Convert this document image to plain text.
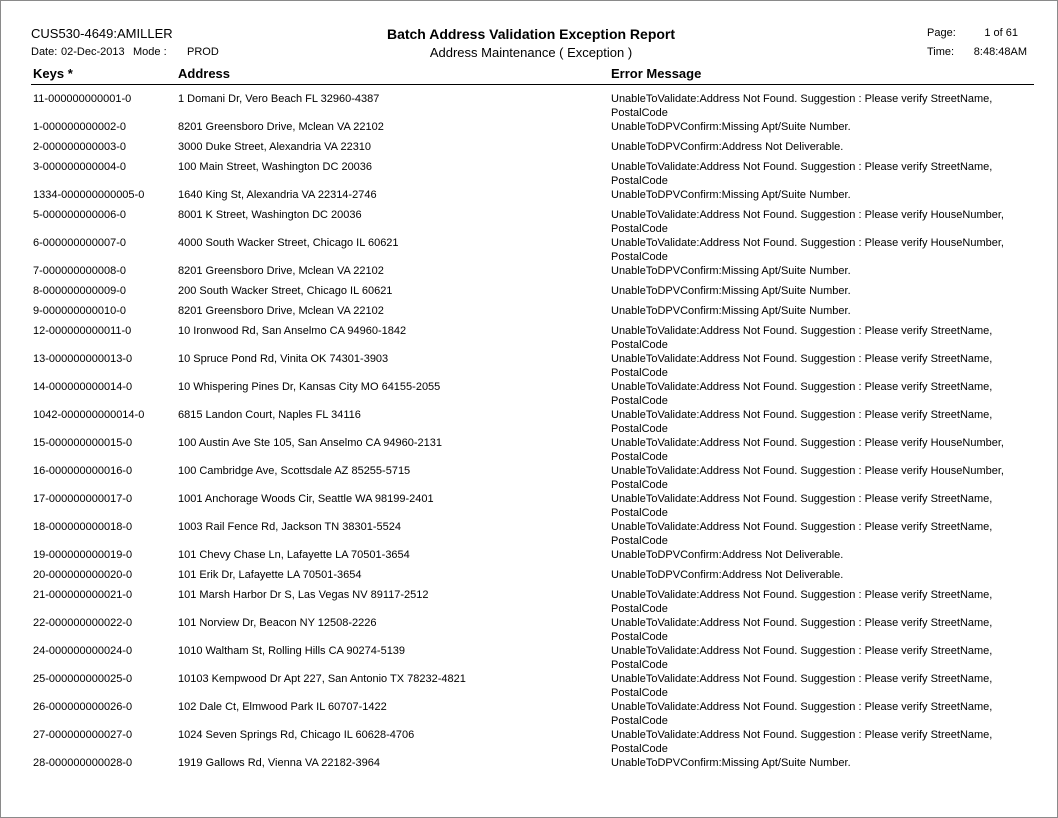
CUS530-4649:AMILLER
Date: 02-Dec-2013 Mode : PROD
Batch Address Validation Exception Report
Address Maintenance ( Exception )
Page:	1 of 61
Time:	8:48:48AM
Keys *	Address	Error Message
11-000000000001-0	1 Domani Dr, Vero Beach FL 32960-4387	UnableToValidate:Address Not Found. Suggestion : Please verify StreetName, PostalCode
1-000000000002-0	8201 Greensboro Drive, Mclean VA 22102	UnableToDPVConfirm:Missing Apt/Suite Number.
2-000000000003-0	3000 Duke Street, Alexandria VA 22310	UnableToDPVConfirm:Address Not Deliverable.
3-000000000004-0	100 Main Street, Washington DC 20036	UnableToValidate:Address Not Found. Suggestion : Please verify StreetName, PostalCode
1334-000000000005-0	1640 King St, Alexandria VA 22314-2746	UnableToDPVConfirm:Missing Apt/Suite Number.
5-000000000006-0	8001 K Street, Washington DC 20036	UnableToValidate:Address Not Found. Suggestion : Please verify HouseNumber, PostalCode
6-000000000007-0	4000 South Wacker Street, Chicago IL 60621	UnableToValidate:Address Not Found. Suggestion : Please verify HouseNumber, PostalCode
7-000000000008-0	8201 Greensboro Drive, Mclean VA 22102	UnableToDPVConfirm:Missing Apt/Suite Number.
8-000000000009-0	200 South Wacker Street, Chicago IL 60621	UnableToDPVConfirm:Missing Apt/Suite Number.
9-000000000010-0	8201 Greensboro Drive, Mclean VA 22102	UnableToDPVConfirm:Missing Apt/Suite Number.
12-000000000011-0	10 Ironwood Rd, San Anselmo CA 94960-1842	UnableToValidate:Address Not Found. Suggestion : Please verify StreetName, PostalCode
13-000000000013-0	10 Spruce Pond Rd, Vinita OK 74301-3903	UnableToValidate:Address Not Found. Suggestion : Please verify StreetName, PostalCode
14-000000000014-0	10 Whispering Pines Dr, Kansas City MO 64155-2055	UnableToValidate:Address Not Found. Suggestion : Please verify StreetName, PostalCode
1042-000000000014-0	6815 Landon Court, Naples FL 34116	UnableToValidate:Address Not Found. Suggestion : Please verify StreetName, PostalCode
15-000000000015-0	100 Austin Ave Ste 105, San Anselmo CA 94960-2131	UnableToValidate:Address Not Found. Suggestion : Please verify HouseNumber, PostalCode
16-000000000016-0	100 Cambridge Ave, Scottsdale AZ 85255-5715	UnableToValidate:Address Not Found. Suggestion : Please verify HouseNumber, PostalCode
17-000000000017-0	1001 Anchorage Woods Cir, Seattle WA 98199-2401	UnableToValidate:Address Not Found. Suggestion : Please verify StreetName, PostalCode
18-000000000018-0	1003 Rail Fence Rd, Jackson TN 38301-5524	UnableToValidate:Address Not Found. Suggestion : Please verify StreetName, PostalCode
19-000000000019-0	101 Chevy Chase Ln, Lafayette LA 70501-3654	UnableToDPVConfirm:Address Not Deliverable.
20-000000000020-0	101 Erik Dr, Lafayette LA 70501-3654	UnableToDPVConfirm:Address Not Deliverable.
21-000000000021-0	101 Marsh Harbor Dr S, Las Vegas NV 89117-2512	UnableToValidate:Address Not Found. Suggestion : Please verify StreetName, PostalCode
22-000000000022-0	101 Norview Dr, Beacon NY 12508-2226	UnableToValidate:Address Not Found. Suggestion : Please verify StreetName, PostalCode
24-000000000024-0	1010 Waltham St, Rolling Hills CA 90274-5139	UnableToValidate:Address Not Found. Suggestion : Please verify StreetName, PostalCode
25-000000000025-0	10103 Kempwood Dr Apt 227, San Antonio TX 78232-4821	UnableToValidate:Address Not Found. Suggestion : Please verify StreetName, PostalCode
26-000000000026-0	102 Dale Ct, Elmwood Park IL 60707-1422	UnableToValidate:Address Not Found. Suggestion : Please verify StreetName, PostalCode
27-000000000027-0	1024 Seven Springs Rd, Chicago IL 60628-4706	UnableToValidate:Address Not Found. Suggestion : Please verify StreetName, PostalCode
28-000000000028-0	1919 Gallows Rd, Vienna VA 22182-3964	UnableToDPVConfirm:Missing Apt/Suite Number.
